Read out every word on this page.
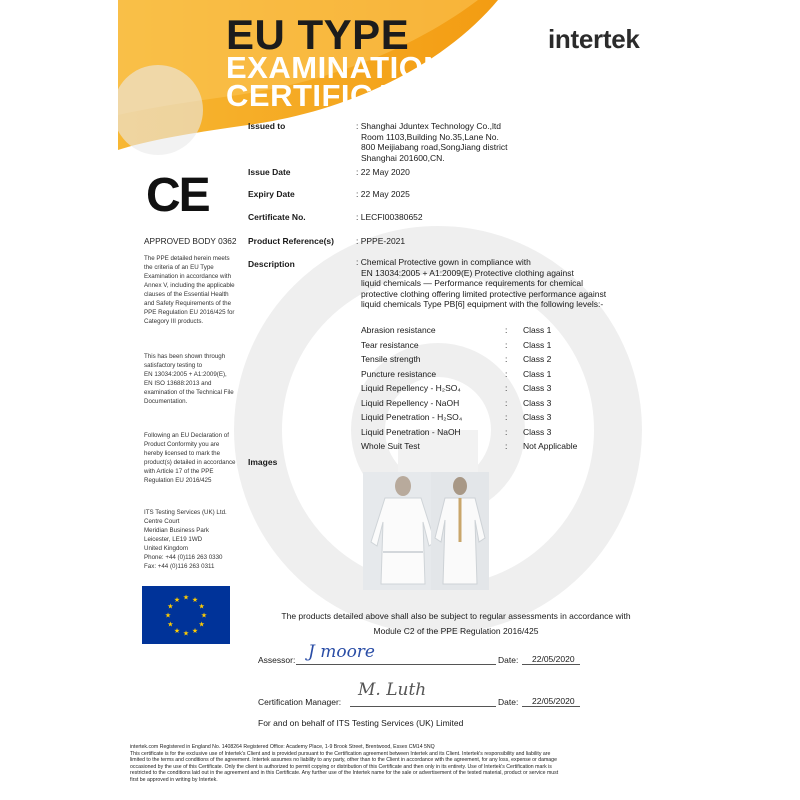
EU TYPE
EXAMINATION
CERTIFICATE
intertek
CE
APPROVED BODY 0362
The PPE detailed herein meets
the criteria of an EU Type
Examination in accordance with
Annex V, including the applicable
clauses of the Essential Health
and Safety Requirements of the
PPE Regulation EU 2016/425 for
Category III products.
This has been shown through
satisfactory testing to
EN 13034:2005 + A1:2009(E),
EN ISO 13688:2013 and
examination of the Technical File
Documentation.
Following an EU Declaration of
Product Conformity you are
hereby licensed to mark the
product(s) detailed in accordance
with Article 17 of the PPE
Regulation EU 2016/425
ITS Testing Services (UK) Ltd.
Centre Court
Meridian Business Park
Leicester, LE19 1WD
United Kingdom
Phone: +44 (0)116 263 0330
Fax: +44 (0)116 263 0311
★ ★
★
★
★
★
★
★
★
★
★
★
Issued to	: Shanghai Jduntex Technology Co.,ltd
Room 1103,Building No.35,Lane No.
800 Meijiabang road,SongJiang district
Shanghai 201600,CN.
Issue Date	: 22 May 2020
Expiry Date	: 22 May 2025
Certificate No.	: LECFI00380652
Product Reference(s)	: PPPE-2021
Description	: Chemical Protective gown in compliance with
EN 13034:2005 + A1:2009(E) Protective clothing against
liquid chemicals — Performance requirements for chemical
protective clothing offering limited protective performance against
liquid chemicals Type PB[6] equipment with the following levels:-
Abrasion resistance	: Class 1
Tear resistance	: Class 1
Tensile strength	: Class 2
Puncture resistance	: Class 1
Liquid Repellency - H₂SO₄	: Class 3
Liquid Repellency - NaOH	: Class 3
Liquid Penetration - H₂SO₄	: Class 3
Liquid Penetration - NaOH	: Class 3
Whole Suit Test	: Not Applicable
Images
The products detailed above shall also be subject to regular assessments in accordance with
Module C2 of the PPE Regulation 2016/425
Assessor: J moore	Date: 22/05/2020
Certification Manager:
M. Luth
Date: 22/05/2020
For and on behalf of ITS Testing Services (UK) Limited
intertek.com Registered in England No. 1408264 Registered Office: Academy Place, 1-9 Brook Street, Brentwood, Essex CM14 5NQ
This certificate is for the exclusive use of Intertek's Client and is provided pursuant to the Certification agreement between Intertek and its Client. Intertek's responsibility and liability are
limited to the terms and conditions of the agreement. Intertek assumes no liability to any party, other than to the Client in accordance with the agreement, for any loss, expense or damage
occasioned by the use of this Certificate. Only the client is authorized to permit copying or distribution of this Certificate and then only in its entirety. Use of Intertek's Certification mark is
restricted to the conditions laid out in the agreement and in this Certificate. Any further use of the Intertek name for the sale or advertisement of the tested material, product or service must
first be approved in writing by Intertek.
